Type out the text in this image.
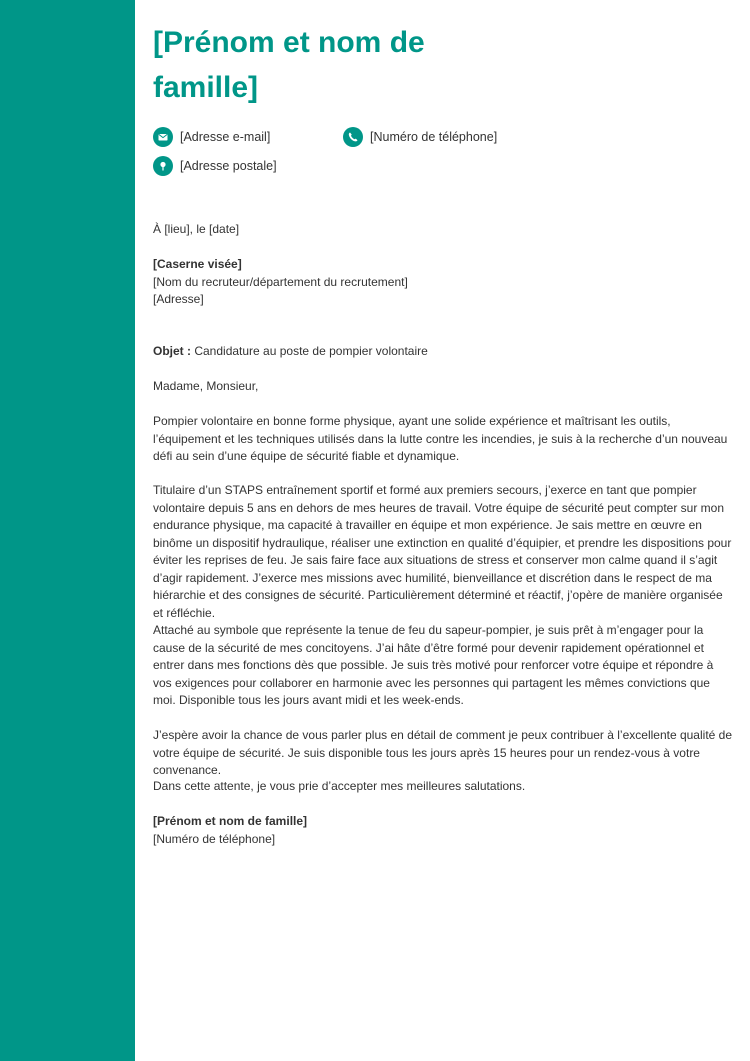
[Prénom et nom de famille]
[Adresse e-mail]	[Numéro de téléphone]
[Adresse postale]
À [lieu], le [date]

[Caserne visée]

[Nom du recruteur/département du recrutement]

[Adresse]

Objet : Candidature au poste de pompier volontaire
Madame, Monsieur,
Pompier volontaire en bonne forme physique, ayant une solide expérience et maîtrisant les outils, l’équipement et les techniques utilisés dans la lutte contre les incendies, je suis à la recherche d’un nouveau défi au sein d’une équipe de sécurité fiable et dynamique.
Titulaire d’un STAPS entraînement sportif et formé aux premiers secours, j’exerce en tant que pompier volontaire depuis 5 ans en dehors de mes heures de travail. Votre équipe de sécurité peut compter sur mon endurance physique, ma capacité à travailler en équipe et mon expérience. Je sais mettre en œuvre en binôme un dispositif hydraulique, réaliser une extinction en qualité d’équipier, et prendre les dispositions pour éviter les reprises de feu. Je sais faire face aux situations de stress et conserver mon calme quand il s’agit d’agir rapidement. J’exerce mes missions avec humilité, bienveillance et discrétion dans le respect de ma hiérarchie et des consignes de sécurité. Particulièrement déterminé et réactif, j’opère de manière organisée et réfléchie.
Attaché au symbole que représente la tenue de feu du sapeur-pompier, je suis prêt à m’engager pour la cause de la sécurité de mes concitoyens. J’ai hâte d’être formé pour devenir rapidement opérationnel et entrer dans mes fonctions dès que possible. Je suis très motivé pour renforcer votre équipe et répondre à vos exigences pour collaborer en harmonie avec les personnes qui partagent les mêmes convictions que moi. Disponible tous les jours avant midi et les week-ends.
J’espère avoir la chance de vous parler plus en détail de comment je peux contribuer à l’excellente qualité de votre équipe de sécurité. Je suis disponible tous les jours après 15 heures pour un rendez-vous à votre convenance.
Dans cette attente, je vous prie d’accepter mes meilleures salutations.

[Prénom et nom de famille]

[Numéro de téléphone]
